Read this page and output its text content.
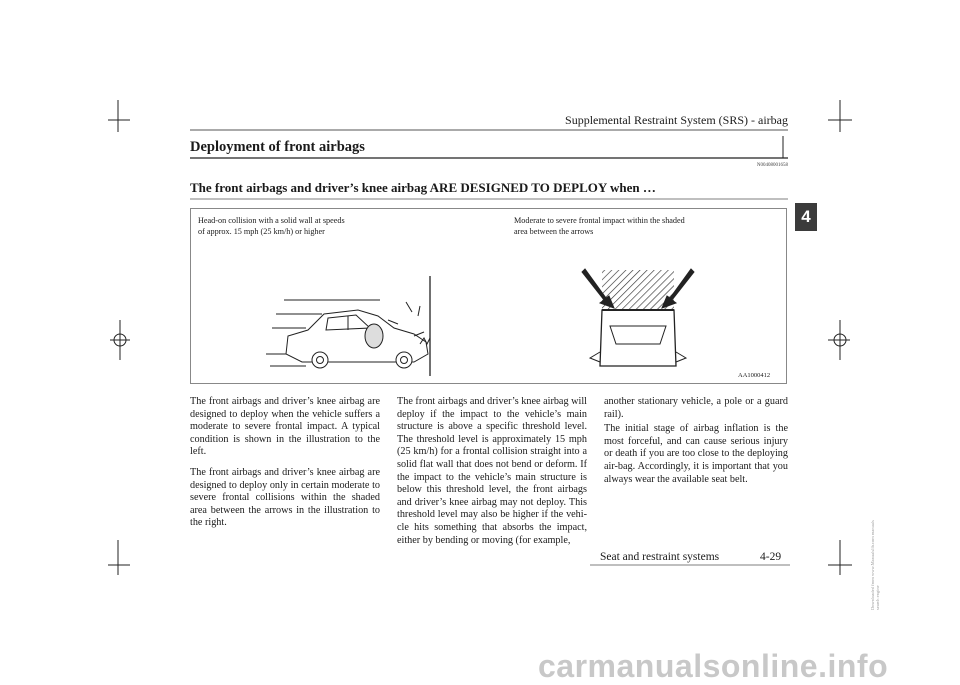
Supplemental Restraint System (SRS) - airbag
Deployment of front airbags
N00408001658
The front airbags and driver’s knee airbag ARE DESIGNED TO DEPLOY when …
4
Head-on collision with a solid wall at speeds
of approx. 15 mph (25 km/h) or higher
Moderate to severe frontal impact within the shaded
area between the arrows
AA1000412

The front airbags and driver’s knee airbag are designed to deploy when the vehicle suffers a moderate to severe frontal impact. A typical condition is shown in the illustration to the left.

The front airbags and driver’s knee airbag are designed to deploy only in certain moderate to severe frontal collisions within the shaded area between the arrows in the illustration to the right.

The front airbags and driver’s knee airbag will deploy if the impact to the vehicle’s main structure is above a specific threshold level. The threshold level is approximately 15 mph (25 km/h) for a frontal collision straight into a solid flat wall that does not bend or deform. If the impact to the vehicle’s main structure is below this threshold level, the front airbags and driver’s knee airbag may not deploy. This threshold level may also be higher if the vehi-cle hits something that absorbs the impact, either by bending or moving (for example,

another stationary vehicle, a pole or a guard rail).

The initial stage of airbag inflation is the most forceful, and can cause serious injury or death if you are too close to the deploying air-bag. Accordingly, it is important that you always wear the available seat belt.

Seat and restraint systems	4-29
carmanualsonline.info
Downloaded from www.Manualslib.com manuals search engine
